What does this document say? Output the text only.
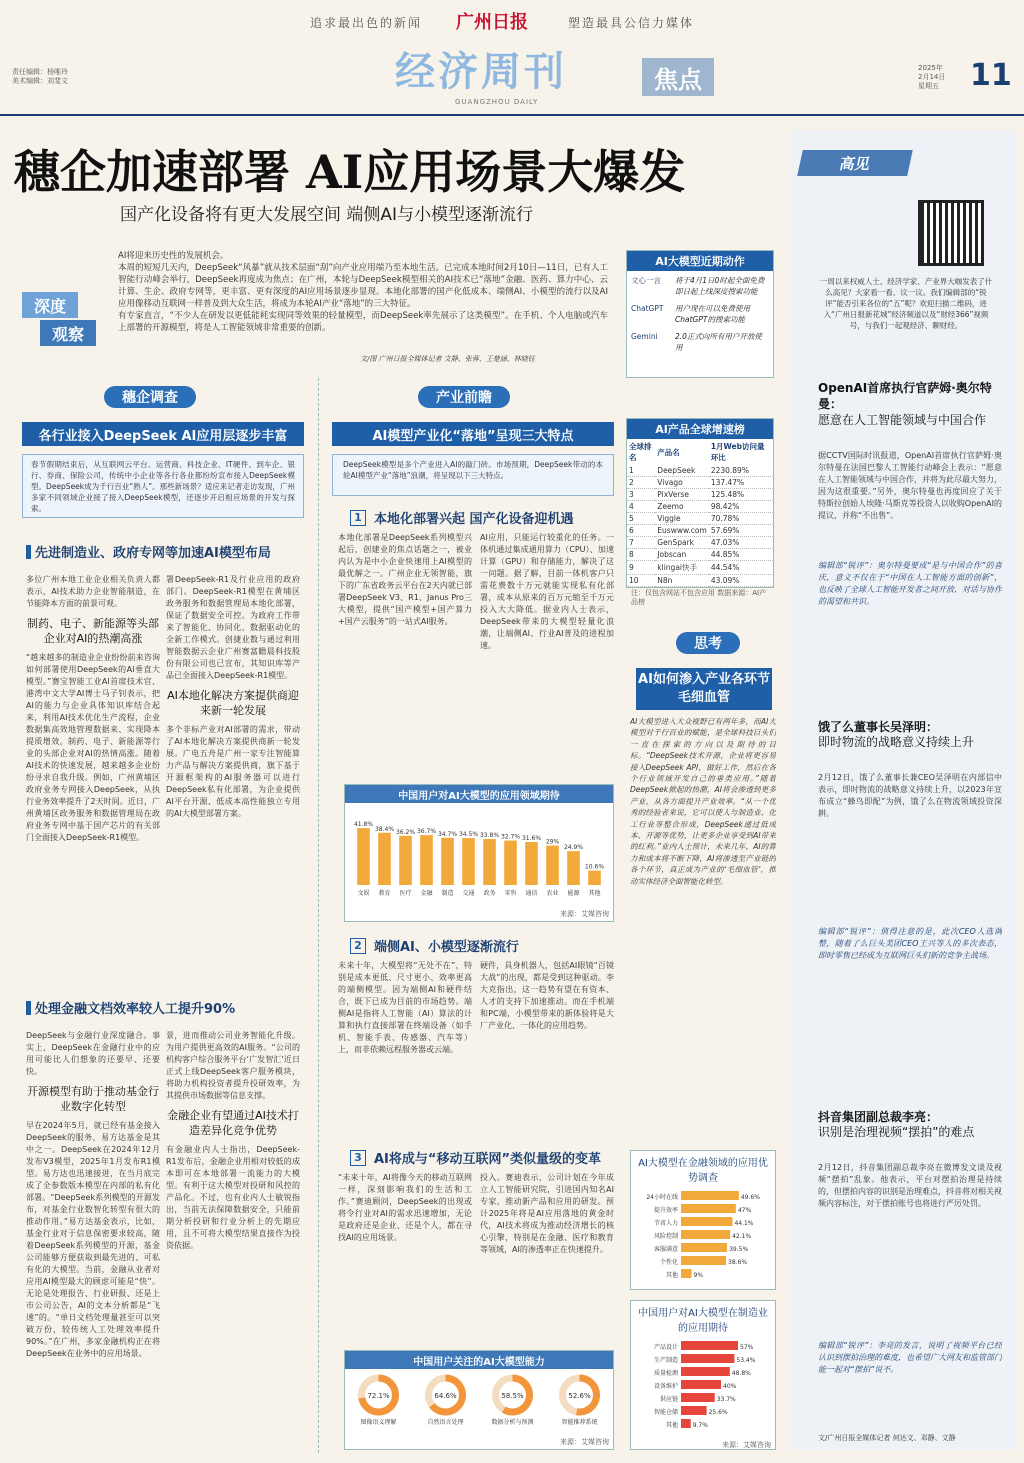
责任编辑：杨唯玲
美术编辑：刘斐文
追求最出色的新闻 广州日报	塑造最具公信力媒体
经济周刊	焦点
GUANGZHOU DAILY
2025年
2月14日
星期五 11
穗企加速部署 AI应用场景大爆发
国产化设备将有更大发展空间 端侧AI与小模型逐渐流行
深度
观察

AI将迎来历史性的发展机会。

本周的短短几天内，DeepSeek“风暴”就从技术层面“刮”向产业应用端乃至本地生活。已完成本地时间2月10日—11日，已有人工智能行动峰会举行，DeepSeek再度成为焦点；在广州，本轮与DeepSeek模型相关的AI技术已“落地”金融、医药、算力中心、云计算、生企、政府专网等，更丰富、更有深度的AI应用场景逐步显现。本地化部署的国产化低成本、端侧AI、小模型的流行以及AI应用像移动互联网一样普及到大众生活，将成为本轮AI产业“落地”的三大特征。

有专家直言，“不少人在研发以更低能耗实现同等效果的轻量模型，而DeepSeek率先展示了这类模型”。在手机、个人电脑或汽车上部署的开源模型，将是人工智能领域非常重要的创新。

文/图 广州日报全媒体记者 文静、张蓉、王楚涵、林晓钰
AI大模型近期动作
文心一言	将于4月1日0时起全面免费 即日起上线深度搜索功能
ChatGPT	用户现在可以免费使用ChatGPT的搜索功能
Gemini	2.0正式向所有用户开放使用
AI产品全球增速榜
全球排名	产品名	1月Web访问量环比
1	DeepSeek	2230.89%
2	Vivago	137.47%
3	PixVerse	125.48%
4	Zeemo	98.42%
5	Viggle	70.78%
6	Euswww.com	57.69%
7	GenSpark	47.03%
8	Jobscan	44.85%
9	klingai快手	44.54%
10	N8n	43.09%
注：仅包含网站不包含应用 数据来源：AI产品榜
思考
AI如何渗入产业各环节毛细血管
AI大模型进入大众视野已有两年多，而AI大模型对千行百业的赋能，是全球科技巨头们一直在探索的方向以及期待的目标。“DeepSeek技术开源，企业将更容易接入DeepSeek API，做好工作，然后在各个行业领域开发自己的垂类应用。”随着DeepSeek掀起的热潮，AI将会渗透到更多产业，从各方面提升产业效率。“从一个优秀的经验者来说，它可以使人与制造业、化工行业等整合形成，DeepSeek通过低成本、开源等优势，让更多企业享受到AI带来的红利。”业内人士预计，未来几年，AI的算力和成本将不断下降，AI将渗透至产业链的各个环节，真正成为产业的‘毛细血管’，推动实体经济全面智能化转型。
AI大模型在金融领域的应用优势调查
24小时在线	49.6%
提升效率	47%
节省人力	44.1%
风险控制	42.1%
客服满意	39.5%
个性化	38.6%
其他	9%
中国用户对AI大模型在制造业的应用期待
产品设计	57%
生产制造	53.4%
质量检测	48.8%
设备维护	40%
供应链	33.7%
智能仓储	25.6%
其他 9.7%
来源：艾媒咨询
穗企调查
各行业接入DeepSeek AI应用层逐步丰富
春节假期结束后，从互联网云平台、运营商、科技企业、IT硬件、到车企、银行、券商、保险公司，传统中小企业等各行各业都纷纷宣布接入DeepSeek模型。DeepSeek成为千行百业“熟人”。那些新场景？适应来记者走访发现，广州多家不同领域企业接了接入DeepSeek模型，还逐步开启相应场景的开发与探索。
先进制造业、政府专网等加速AI模型布局

多位广州本地工业企业相关负责人都表示，AI技术助力企业智能制造，在节能降本方面的前景可观。

制药、电子、新能源等头部企业对AI的热潮高涨

“越来越多的制造业企业纷纷前来咨询如何部署使用DeepSeek的AI垂直大模型。”赛宝智能工业AI首席技术官、港湾中文大学AI博士马子钊表示，把AI的能力与企业具体知识库结合起来，利用AI技术优化生产流程，企业数据集高效地管理数据来、实现降本提质增效。制药、电子、新能源等行业的头部企业对AI的热情高涨。随着AI技术的快速发展，越来越多企业纷纷寻求自我升级。例如，广州黄埔区政府业务专网接入DeepSeek，从执行业务效率提升了2天时间。近日，广州黄埔区政务服务和数据管理局在政府业务专网中基于国产芯片的有关部门全面接入DeepSeek-R1模型。

署DeepSeek-R1及行业应用的政府部门。DeepSeek-R1模型在黄埔区政务服务和数据管理局本地化部署，保证了数据安全可控。为政府工作带来了智能化、协同化、数据驱动化的全新工作模式。创捷业数与通过利用智能数据云企业广州赛富瞻晨科技股份有限公司也已宣布，其知识库等产品已全面接入DeepSeek-R1模型。

AI本地化解决方案提供商迎来新一轮发展

多个非标产业对AI部署的需求，带动了AI本地化解决方案提供商新一轮发展。广电五舟是广州一家专注智能算力产品与解决方案提供商，旗下基于开源框架构的AI服务器可以进行DeepSeek私有化部署，为企业提供AI平台开源、低成本高性能独立专用的AI大模型部署方案。

处理金融文档效率较人工提升90%

DeepSeek与金融行业深度融合。事实上，DeepSeek在金融行业中的应用可能比人们想象的还要早、还要快。

开源模型有助于推动基金行业数字化转型

早在2024年5月，就已经有基金接入DeepSeek的服务，易方达基金是其中之一。DeepSeek在2024年12月发布V3模型，2025年1月发布R1模型。易方达也迅速接进，在当月底完成了全参数版本模型在内部的私有化部署。“DeepSeek系列模型的开源发布，对基金行业数智化转型有很大的推动作用。”易方达基金表示，比如，基金行业对于信息保密要求较高，随着DeepSeek系列模型的开源，基金公司能够方便获取到最先进的、可私有化的大模型。当前，金融从业者对应用AI模型最大的顾虑可能是“快”。无论是处理报告、行业研报、还是上市公司公告，AI的文本分析都是“飞速”的。“单日文档处理量甚至可以突破万份，较传统人工处理效率提升90%。”在广州，多家金融机构正在将DeepSeek在业务中的应用场景。

景，进而推动公司业务智能化升级。为用户提供更高效的AI服务。“公司的机构客户综合服务平台‘广发智汇’近日正式上线DeepSeek客户服务模块，将助力机构投资者提升投研效率，为其提供市场数据等信息支撑。

金融企业有望通过AI技术打造差异化竞争优势

有金融业内人士指出，DeepSeek-R1发布后，金融企业用相对较低的成本即可在本地部署一流能力的大模型。有利于这大模型对投研和风控的产品化。不过，也有业内人士敏锐指出，当前无法保障数据安全，只能前期分析投研和行业分析上的先期应用，且不可将大模型结果直接作为投资依据。

产业前瞻
AI模型产业化“落地”呈现三大特点
DeepSeek模型是多个产业进入AI的敲门砖。市场预期，DeepSeek带动的本轮AI模型产业“落地”浪潮，将呈现以下三大特点。
1 本地化部署兴起 国产化设备迎机遇
本地化部署是DeepSeek系列模型兴起后，创建业的焦点话题之一，被业内认为是中小企业快速用上AI模型的最优解之一。广州企业无领智能，旗下的广东省政务云平台在2天内就已部署DeepSeek V3、R1、Janus Pro三大模型，提供“国产模型+国产算力+国产云服务”的一站式AI服务。
AI应用，只能运行较重化的任务。一体机通过集成通用算力（CPU）、加速计算（GPU）和存储能力，解决了这一问题。据了解，目前一体机客户只需花费数十万元就能实现私有化部署，成本从原来的百万元缩至千万元投入大大降低。据业内人士表示，DeepSeek带来的大模型轻量化浪潮，让端侧AI、行业AI普及的进程加速。
中国用户对AI大模型的应用领域期待
41.8%
文娱
38.4%
教育
36.2%
医疗
36.7%
金融
34.7%
制造
34.5%
交通
33.8%
政务
32.7%
零售
31.6%
通信
29%
农业
24.9%
能源
10.6%
其他
来源：艾媒咨询
2 端侧AI、小模型逐渐流行
未来十年，大模型将“无处不在”，特别是成本更低、尺寸更小、效率更高的端侧模型。因为端侧AI和硬件结合，既下已成为目前的市场趋势。端侧AI是指将人工智能（AI）算法的计算和执行直接部署在终端设备（如手机、智能手表、传感器、汽车等）上，而非依赖远程服务器或云端。
硬件，具身机器人，包括AI眼镜“百镜大战”的出现，都是受到这种驱动。李大克指出，这一趋势有望在有资本、人才的支持下加速推动。而在手机端和PC端，小模型带来的新体验将是大厂产业化、一体化的应用趋势。
3 AI将成与“移动互联网”类似量级的变革
“未来十年，AI将像今天的移动互联网一样，深刻影响我们的生活和工作。”赛迪顾问，DeepSeek的出现或将令行业对AI的需求迅速增加，无论是政府还是企业、还是个人，都在寻找AI的应用场景。
投入。赛迪表示，公司计划在今年成立人工智能研究院，引进国内知名AI专家，推动新产品和应用的研发。预计2025年将是AI应用落地的黄金时代，AI技术将成为推动经济增长的核心引擎，特别是在金融、医疗和教育等领域，AI的渗透率正在快速提升。
中国用户关注的AI大模型能力
72.1%
图像语义理解
64.6%
自然语言处理
58.5%
数据分析与预测
52.6%
智能推荐系统
来源：艾媒咨询
高见
一周以来权威人士、经济学家、产业界大咖发表了什么高见？大家看一看、议一议。我们编辑部的“锐评”能否引来各位的“五”呢？欢迎扫描二维码，进入“广州日报新花城”经济频道以及“财经366”视频号，与我们一起观经济、聊财经。
OpenAI首席执行官萨姆·奥尔特曼：
愿意在人工智能领域与中国合作
据CCTV国际时讯报道，OpenAI首席执行官萨姆·奥尔特曼在法国巴黎人工智能行动峰会上表示：“愿意在人工智能领域与中国合作，并将为此尽最大努力，因为这很重要。”另外，奥尔特曼也再度回应了关于特斯拉创始人埃隆·马斯克等投资人以收购OpenAI的提议，并称“不出售”。
编辑部“锐评”：奥尔特曼要成“是与中国合作”的喜庆，意义不仅在于“中国在人工智能方面的创新”，也反映了全球人工智能开发者之间开放、对话与协作的渴望和共识。
饿了么董事长吴泽明：
即时物流的战略意义持续上升
2月12日，饿了么董事长兼CEO吴泽明在内部信中表示，即时物流的战略意义持续上升，以2023年宣布成立“蜂鸟即配”为例，饿了么在物流领域投资深耕。
编辑部“锐评”：值得注意的是，此次CEO人选调整，随着了么巨头美团CEO王兴等人的多次表态，即时零售已经成为互联网巨头们新的竞争主战场。
抖音集团副总裁李亮：
识别是治理视频“摆拍”的难点
2月12日，抖音集团副总裁李亮在微博发文谈及视频“摆拍”乱象。他表示，平台对摆拍治理是持续的，但摆拍内容的识别是治理难点，抖音将对相关视频内容标注，对于摆拍账号也将进行严厉处罚。
编辑部“锐评”：李亮的发言，说明了视频平台已经认识到摆拍治理的难度，也希望广大网友和监管部门能一起对“摆拍”说不。
文/广州日报全媒体记者 何达文、邓静、文静
